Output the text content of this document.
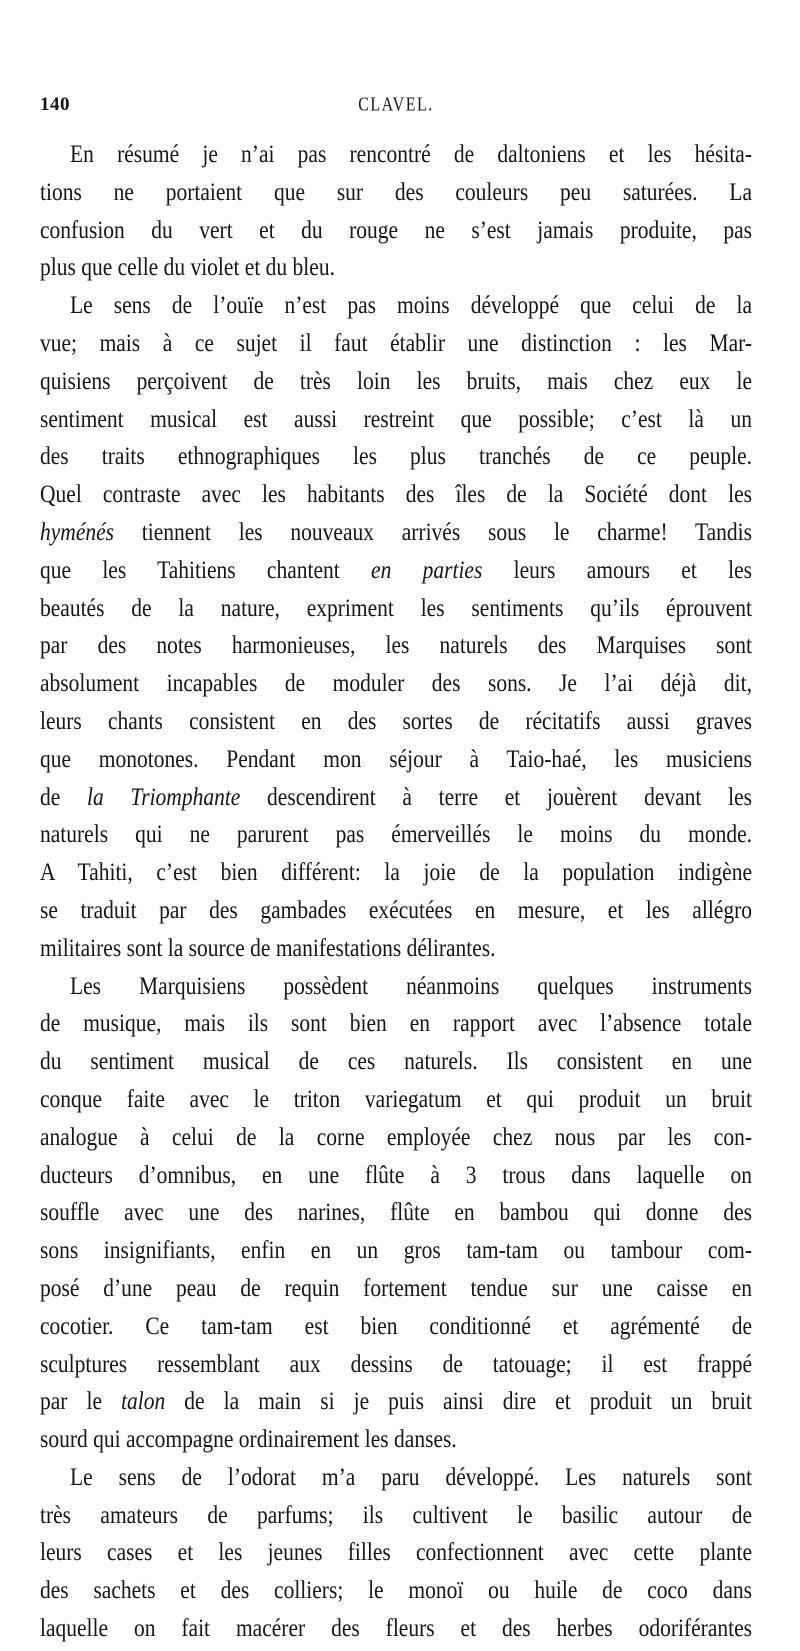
140	CLAVEL.
En résumé je n’ai pas rencontré de daltoniens et les hésita-
tions ne portaient que sur des couleurs peu saturées. La
confusion du vert et du rouge ne s’est jamais produite, pas
plus que celle du violet et du bleu.
Le sens de l’ouïe n’est pas moins développé que celui de la
vue; mais à ce sujet il faut établir une distinction : les Mar-
quisiens perçoivent de très loin les bruits, mais chez eux le
sentiment musical est aussi restreint que possible; c’est là un
des traits ethnographiques les plus tranchés de ce peuple.
Quel contraste avec les habitants des îles de la Société dont les
hyménés tiennent les nouveaux arrivés sous le charme! Tandis
que les Tahitiens chantent en parties leurs amours et les
beautés de la nature, expriment les sentiments qu’ils éprouvent
par des notes harmonieuses, les naturels des Marquises sont
absolument incapables de moduler des sons. Je l’ai déjà dit,
leurs chants consistent en des sortes de récitatifs aussi graves
que monotones. Pendant mon séjour à Taio-haé, les musiciens
de la Triomphante descendirent à terre et jouèrent devant les
naturels qui ne parurent pas émerveillés le moins du monde.
A Tahiti, c’est bien différent: la joie de la population indigène
se traduit par des gambades exécutées en mesure, et les allégro
militaires sont la source de manifestations délirantes.
Les Marquisiens possèdent néanmoins quelques instruments
de musique, mais ils sont bien en rapport avec l’absence totale
du sentiment musical de ces naturels. Ils consistent en une
conque faite avec le triton variegatum et qui produit un bruit
analogue à celui de la corne employée chez nous par les con-
ducteurs d’omnibus, en une flûte à 3 trous dans laquelle on
souffle avec une des narines, flûte en bambou qui donne des
sons insignifiants, enfin en un gros tam-tam ou tambour com-
posé d’une peau de requin fortement tendue sur une caisse en
cocotier. Ce tam-tam est bien conditionné et agrémenté de
sculptures ressemblant aux dessins de tatouage; il est frappé
par le talon de la main si je puis ainsi dire et produit un bruit
sourd qui accompagne ordinairement les danses.
Le sens de l’odorat m’a paru développé. Les naturels sont
très amateurs de parfums; ils cultivent le basilic autour de
leurs cases et les jeunes filles confectionnent avec cette plante
des sachets et des colliers; le monoï ou huile de coco dans
laquelle on fait macérer des fleurs et des herbes odoriférantes
